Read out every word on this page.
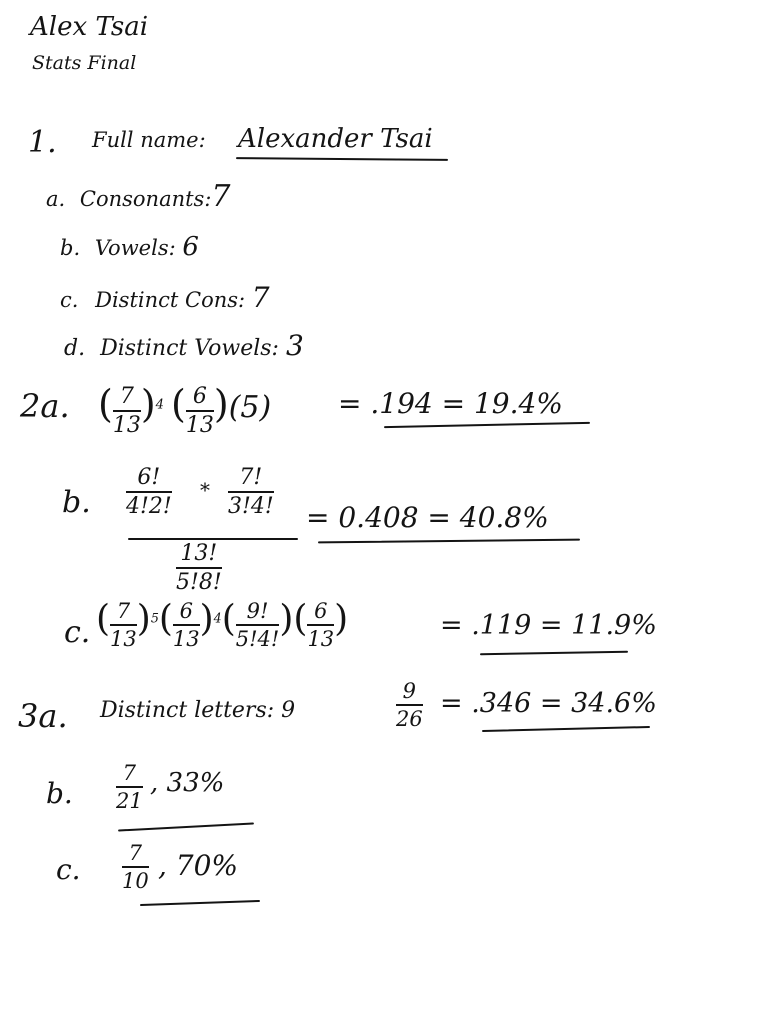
Alex Tsai
Stats Final
1. Full name: Alexander Tsai
a. Consonants:7
b. Vowels: 6
c. Distinct Cons: 7
d. Distinct Vowels: 3
2a. ( $\frac{7}{13} )^4$ ( $\frac{6}{13} )(5) = .194 = 19.4\%$
b. $\frac{6!}{4!2!} * \frac{7!}{3!4!}$
$\frac{13!}{5!8!}$
= 0.408 = 40.8%
c. ( $\frac{7}{13} )^5( \frac{6}{13} )^4( \frac{9!}{5!4!}$ )( $\frac{6}{13}$ )	= .119 = 11.9%
3a. Distinct letters: 9	$\frac{9}{26} = .346 = 34.6\%$
b. $\frac{7}{21}$ , 33%
c. $\frac{7}{10}$ , 70%
